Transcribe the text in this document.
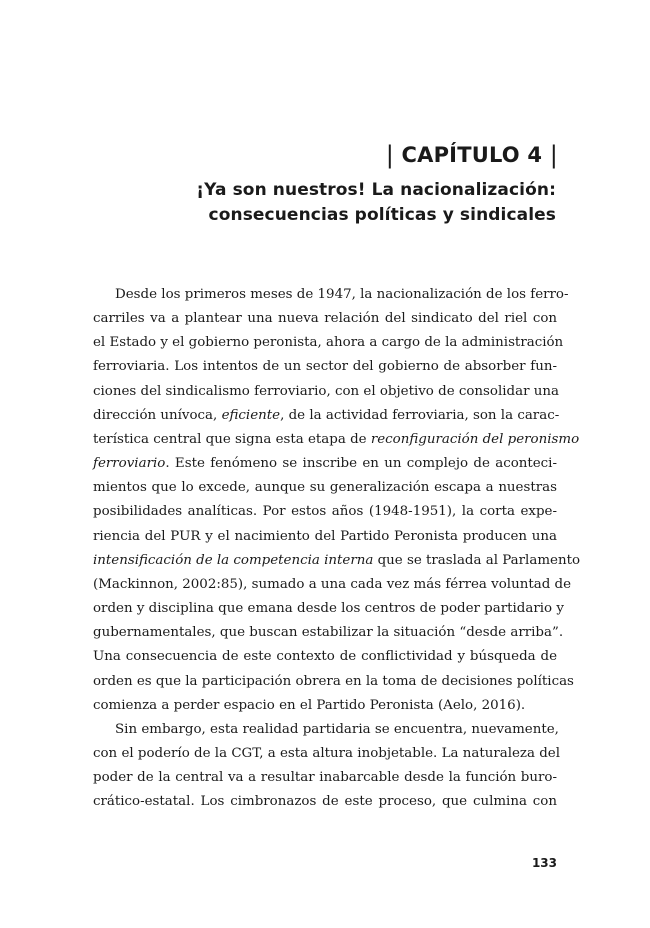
| CAPÍTULO 4 |
¡Ya son nuestros! La nacionalización:
consecuencias políticas y sindicales
Desde los primeros meses de 1947, la nacionalización de los ferro-
carriles va a plantear una nueva relación del sindicato del riel con
el Estado y el gobierno peronista, ahora a cargo de la administración
ferroviaria. Los intentos de un sector del gobierno de absorber fun-
ciones del sindicalismo ferroviario, con el objetivo de consolidar una
dirección unívoca, eficiente, de la actividad ferroviaria, son la carac-
terística central que signa esta etapa de reconfiguración del peronismo
ferroviario. Este fenómeno se inscribe en un complejo de aconteci-
mientos que lo excede, aunque su generalización escapa a nuestras
posibilidades analíticas. Por estos años (1948-1951), la corta expe-
riencia del PUR y el nacimiento del Partido Peronista producen una
intensificación de la competencia interna que se traslada al Parlamento
(Mackinnon, 2002:85), sumado a una cada vez más férrea voluntad de
orden y disciplina que emana desde los centros de poder partidario y
gubernamentales, que buscan estabilizar la situación “desde arriba”.
Una consecuencia de este contexto de conflictividad y búsqueda de
orden es que la participación obrera en la toma de decisiones políticas
comienza a perder espacio en el Partido Peronista (Aelo, 2016).
Sin embargo, esta realidad partidaria se encuentra, nuevamente,
con el poderío de la CGT, a esta altura inobjetable. La naturaleza del
poder de la central va a resultar inabarcable desde la función buro-
crático-estatal. Los cimbronazos de este proceso, que culmina con
133
